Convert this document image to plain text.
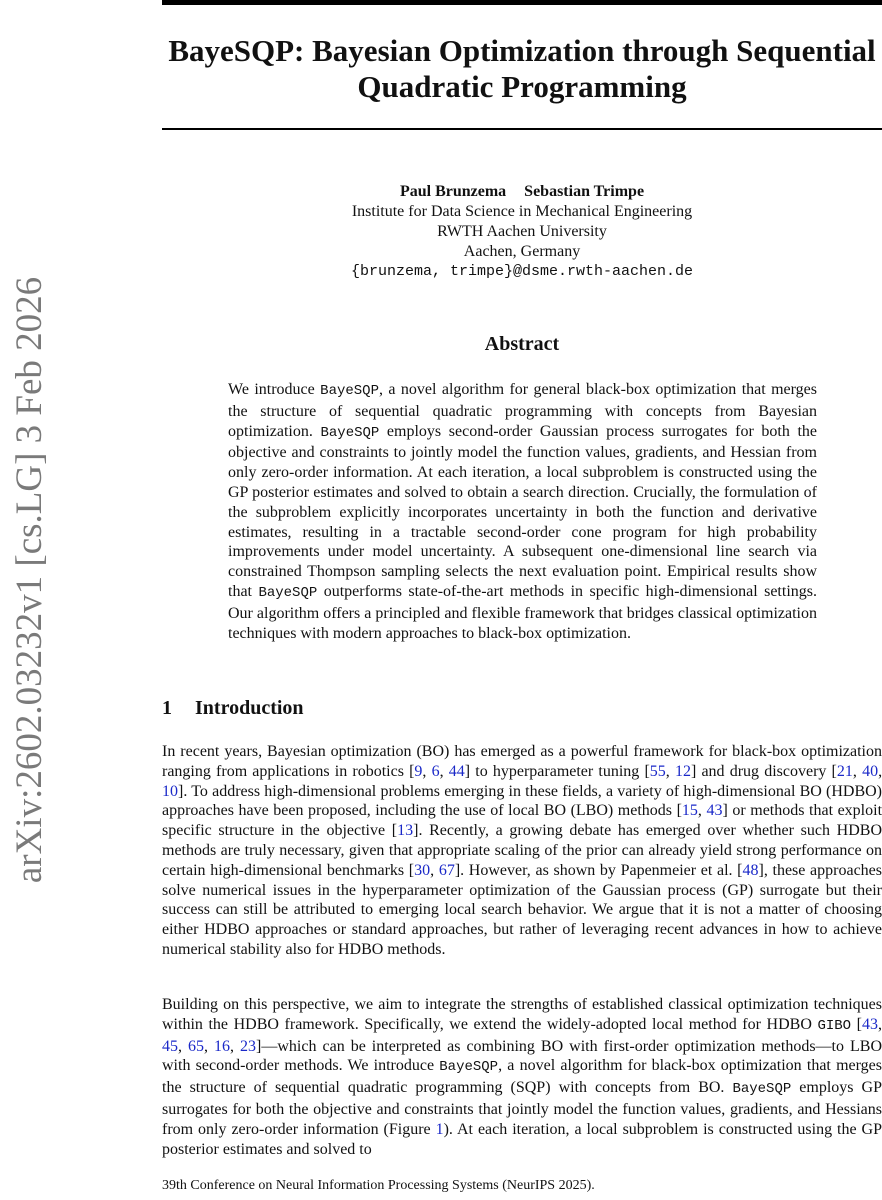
arXiv:2602.03232v1 [cs.LG] 3 Feb 2026
BayeSQP: Bayesian Optimization through Sequential
Quadratic Programming
Paul Brunzema Sebastian Trimpe
Institute for Data Science in Mechanical Engineering
RWTH Aachen University
Aachen, Germany
{brunzema, trimpe}@dsme.rwth-aachen.de
Abstract

We introduce BayeSQP, a novel algorithm for general black-box optimization that merges the structure of sequential quadratic programming with concepts from Bayesian optimization. BayeSQP employs second-order Gaussian process surrogates for both the objective and constraints to jointly model the function values, gradients, and Hessian from only zero-order information. At each iteration, a local subproblem is constructed using the GP posterior estimates and solved to obtain a search direction. Crucially, the formulation of the subproblem explicitly incorporates uncertainty in both the function and derivative estimates, resulting in a tractable second-order cone program for high probability improvements under model uncertainty. A subsequent one-dimensional line search via constrained Thompson sampling selects the next evaluation point. Empirical results show that BayeSQP outperforms state-of-the-art methods in specific high-dimensional settings. Our algorithm offers a principled and flexible framework that bridges classical optimization techniques with modern approaches to black-box optimization.

1 Introduction

In recent years, Bayesian optimization (BO) has emerged as a powerful framework for black-box optimization ranging from applications in robotics [9, 6, 44] to hyperparameter tuning [55, 12] and drug discovery [21, 40, 10]. To address high-dimensional problems emerging in these fields, a variety of high-dimensional BO (HDBO) approaches have been proposed, including the use of local BO (LBO) methods [15, 43] or methods that exploit specific structure in the objective [13]. Recently, a growing debate has emerged over whether such HDBO methods are truly necessary, given that appropriate scaling of the prior can already yield strong performance on certain high-dimensional benchmarks [30, 67]. However, as shown by Papenmeier et al. [48], these approaches solve numerical issues in the hyperparameter optimization of the Gaussian process (GP) surrogate but their success can still be attributed to emerging local search behavior. We argue that it is not a matter of choosing either HDBO approaches or standard approaches, but rather of leveraging recent advances in how to achieve numerical stability also for HDBO methods.

Building on this perspective, we aim to integrate the strengths of established classical optimization techniques within the HDBO framework. Specifically, we extend the widely-adopted local method for HDBO GIBO [43, 45, 65, 16, 23]—which can be interpreted as combining BO with first-order optimization methods—to LBO with second-order methods. We introduce BayeSQP, a novel algorithm for black-box optimization that merges the structure of sequential quadratic programming (SQP) with concepts from BO. BayeSQP employs GP surrogates for both the objective and constraints that jointly model the function values, gradients, and Hessians from only zero-order information (Figure 1). At each iteration, a local subproblem is constructed using the GP posterior estimates and solved to

39th Conference on Neural Information Processing Systems (NeurIPS 2025).
